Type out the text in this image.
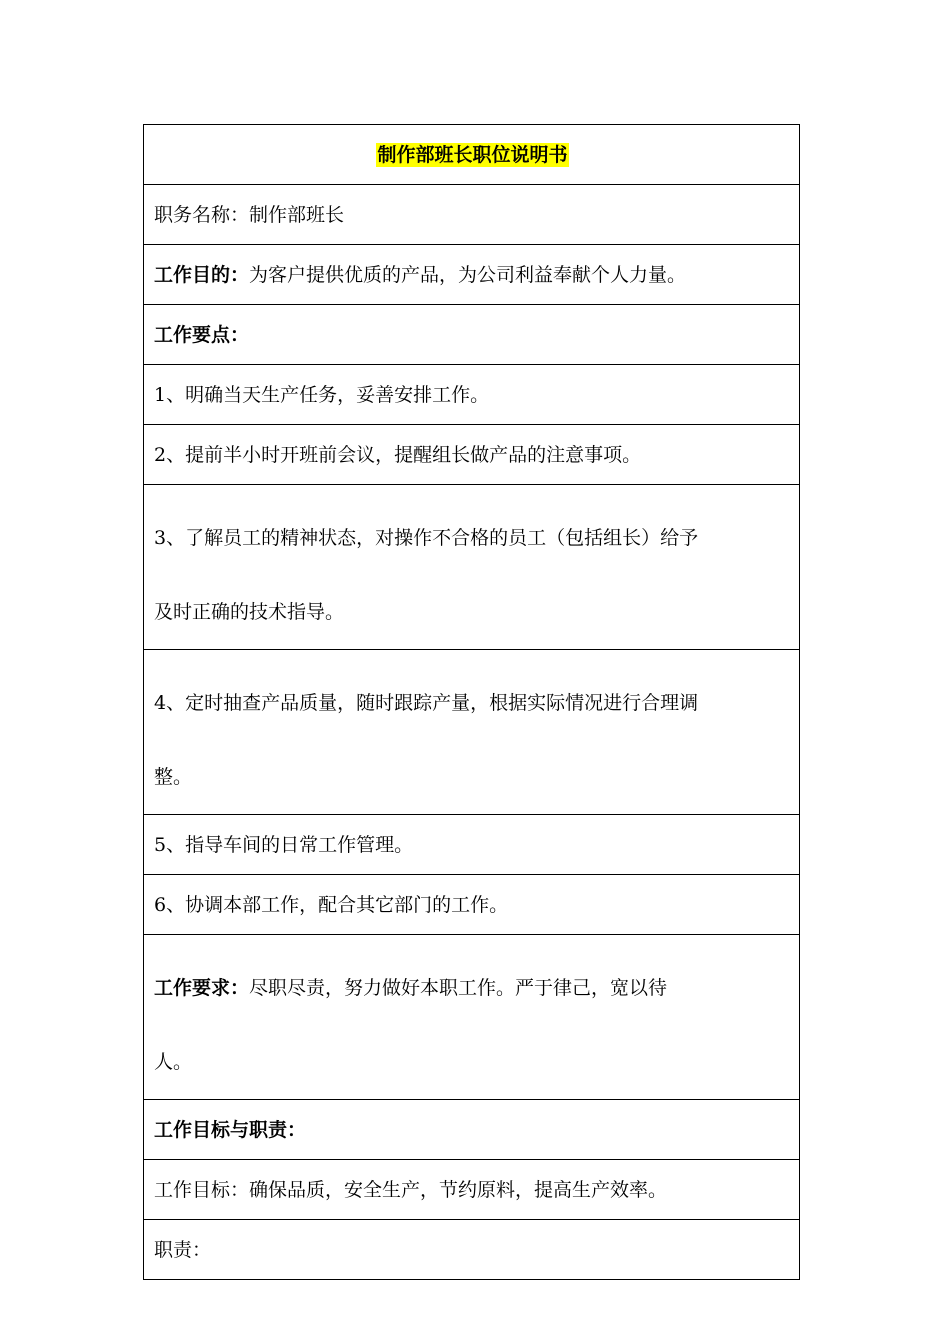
制作部班长职位说明书
职务名称：制作部班长
工作目的：为客户提供优质的产品，为公司利益奉献个人力量。
工作要点：
1、明确当天生产任务，妥善安排工作。
2、提前半小时开班前会议，提醒组长做产品的注意事项。

3、了解员工的精神状态，对操作不合格的员工（包括组长）给予
及时正确的技术指导。

4、定时抽查产品质量，随时跟踪产量，根据实际情况进行合理调
整。

5、指导车间的日常工作管理。
6、协调本部工作，配合其它部门的工作。

工作要求：尽职尽责，努力做好本职工作。严于律己，宽以待
人。

工作目标与职责：
工作目标：确保品质，安全生产，节约原料，提高生产效率。
职责：
